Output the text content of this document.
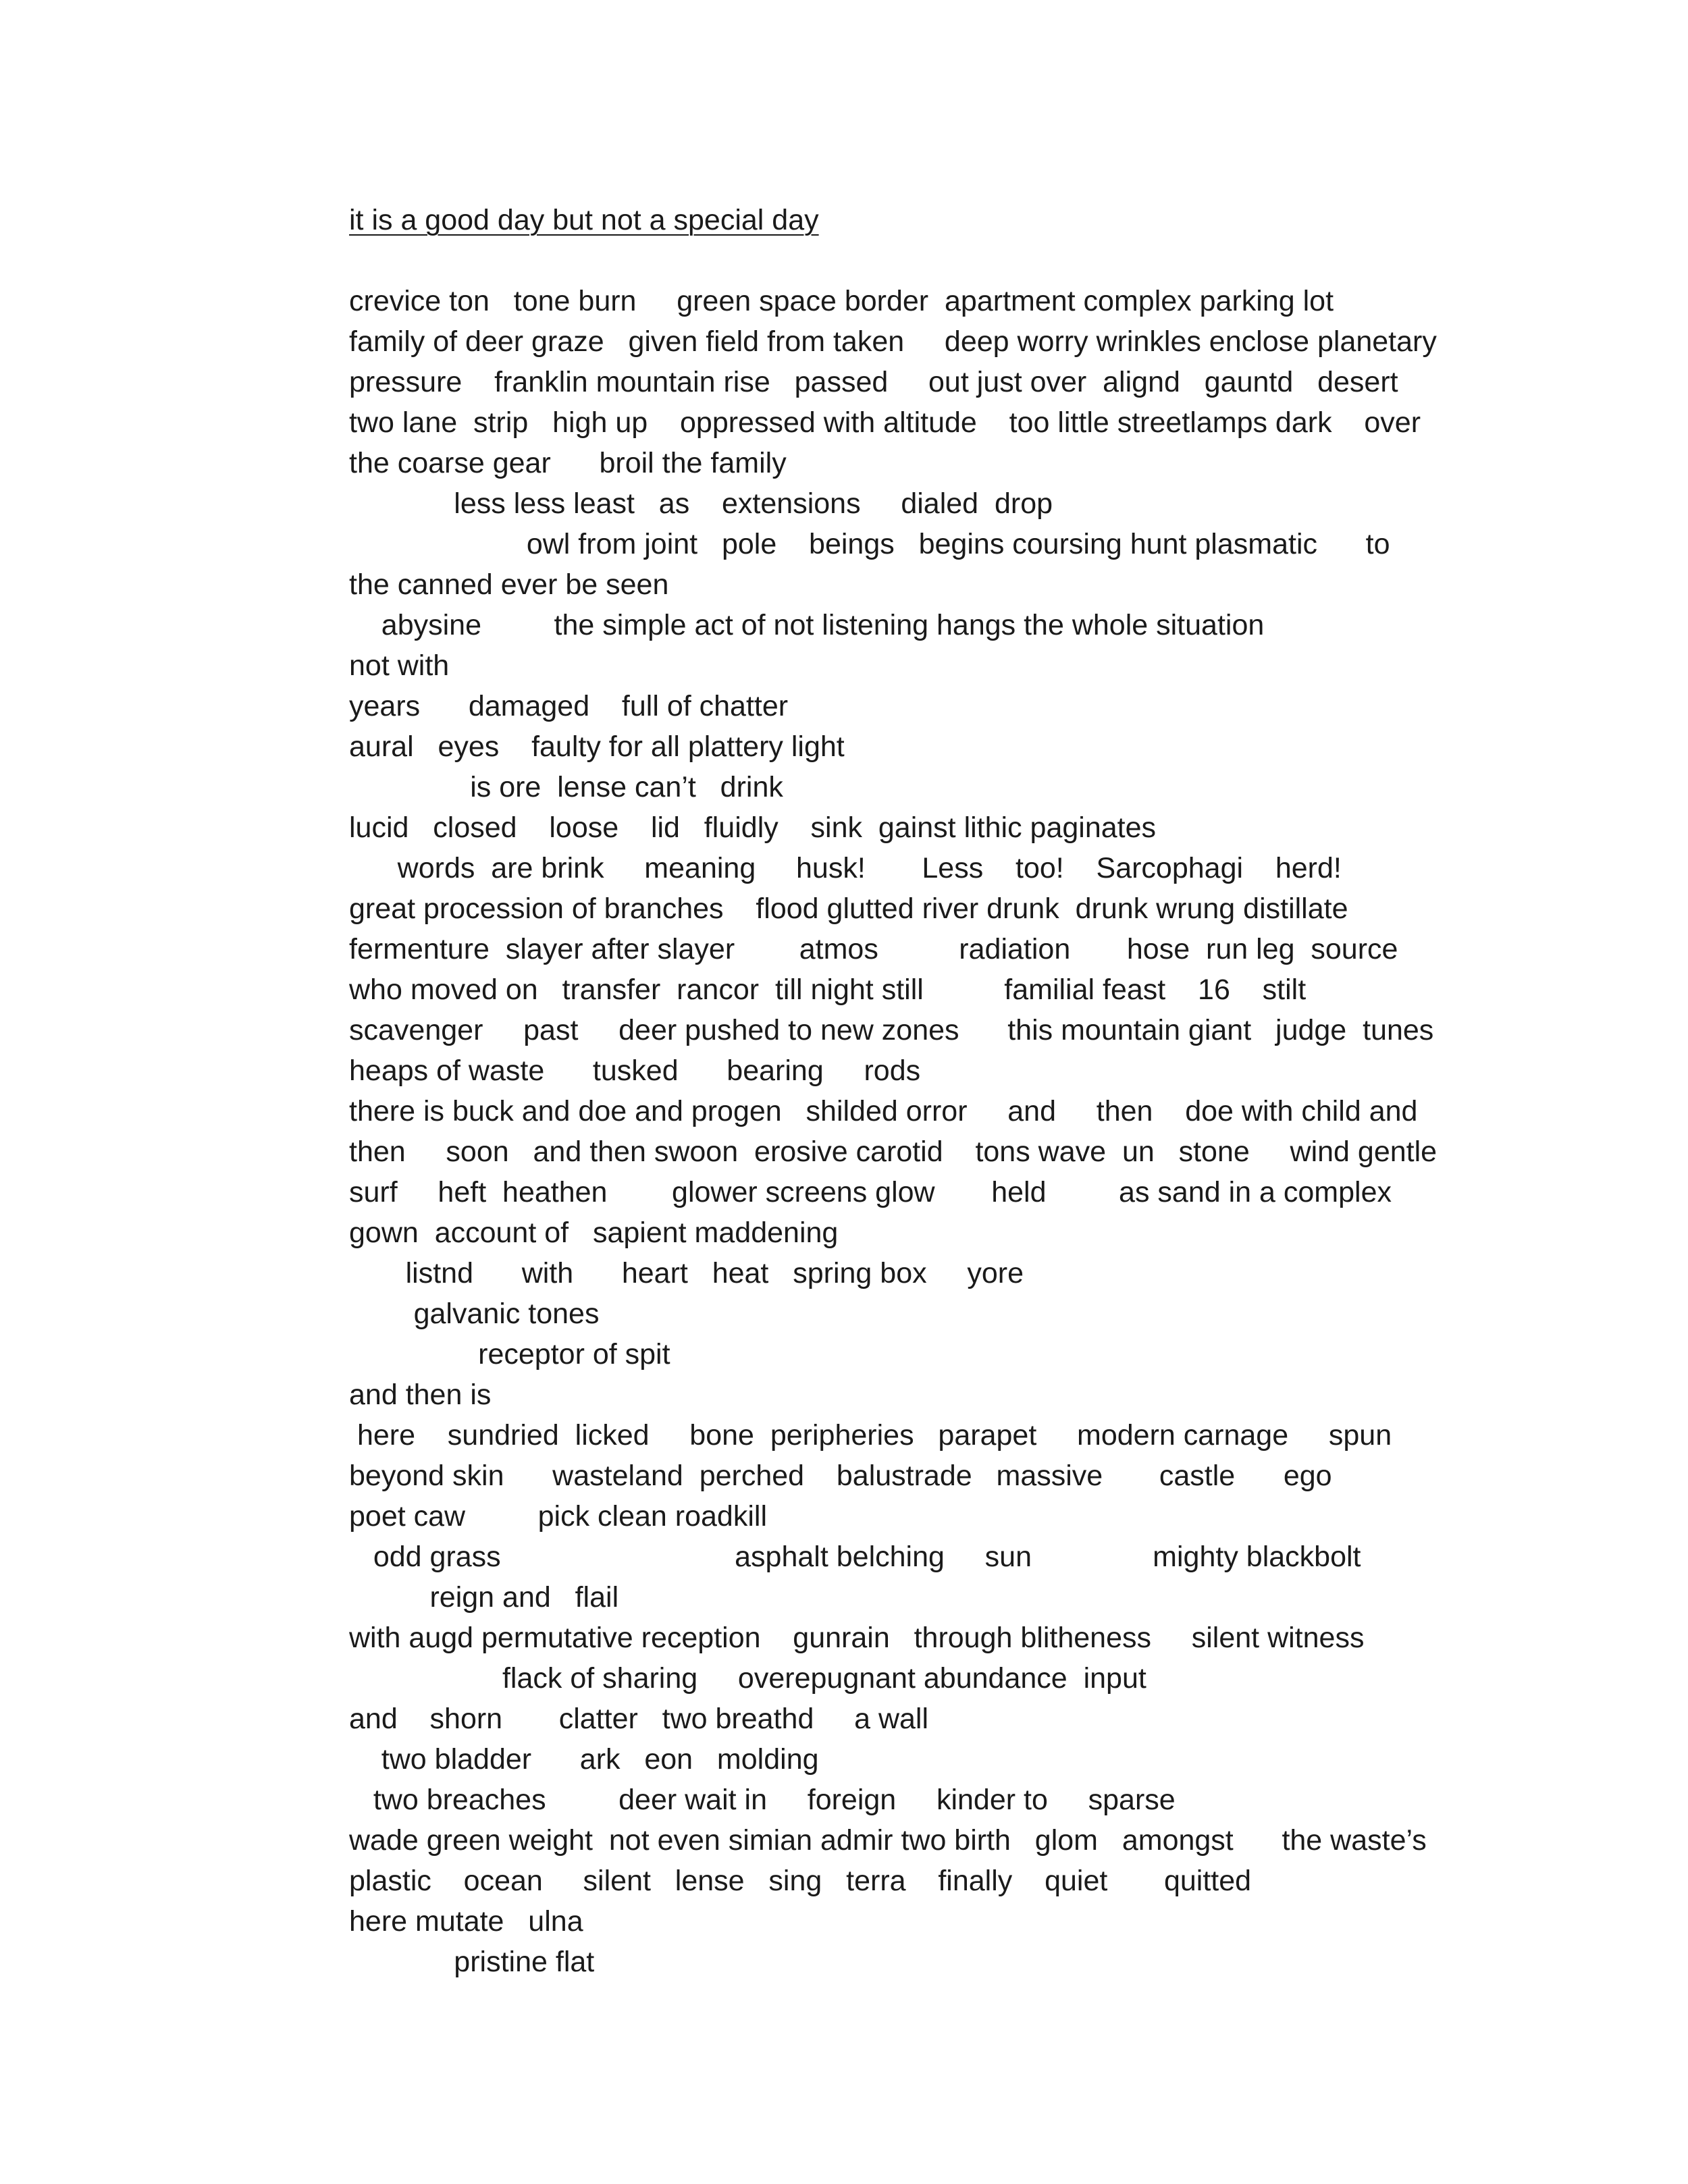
it is a good day but not a special day
crevice ton   tone burn     green space border  apartment complex parking lot
family of deer graze   given field from taken     deep worry wrinkles enclose planetary
pressure    franklin mountain rise   passed     out just over  alignd   gauntd   desert
two lane  strip   high up    oppressed with altitude    too little streetlamps dark    over
the coarse gear      broil the family
less less least   as    extensions     dialed  drop
owl from joint   pole    beings   begins coursing hunt plasmatic      to
the canned ever be seen
abysine         the simple act of not listening hangs the whole situation
not with
years      damaged    full of chatter
aural   eyes    faulty for all plattery light
is ore  lense can’t   drink
lucid   closed    loose    lid   fluidly    sink  gainst lithic paginates
words  are brink     meaning     husk!       Less    too!    Sarcophagi    herd!
great procession of branches    flood glutted river drunk  drunk wrung distillate
fermenture  slayer after slayer        atmos          radiation       hose  run leg  source
who moved on   transfer  rancor  till night still          familial feast    16    stilt
scavenger     past     deer pushed to new zones      this mountain giant   judge  tunes
heaps of waste      tusked      bearing     rods
there is buck and doe and progen   shilded orror     and     then    doe with child and
then     soon   and then swoon  erosive carotid    tons wave  un   stone     wind gentle
surf     heft  heathen        glower screens glow       held         as sand in a complex
gown  account of   sapient maddening
listnd      with      heart   heat   spring box     yore
galvanic tones
receptor of spit
and then is
here    sundried  licked     bone  peripheries   parapet     modern carnage     spun
beyond skin      wasteland  perched    balustrade   massive       castle      ego
poet caw         pick clean roadkill
odd grass                             asphalt belching     sun               mighty blackbolt
reign and   flail
with augd permutative reception    gunrain   through blitheness     silent witness
flack of sharing     overepugnant abundance  input
and    shorn       clatter   two breathd     a wall
two bladder      ark   eon   molding
two breaches         deer wait in     foreign     kinder to     sparse
wade green weight  not even simian admir two birth   glom   amongst      the waste’s
plastic    ocean     silent   lense   sing   terra    finally    quiet       quitted
here mutate   ulna
pristine flat
